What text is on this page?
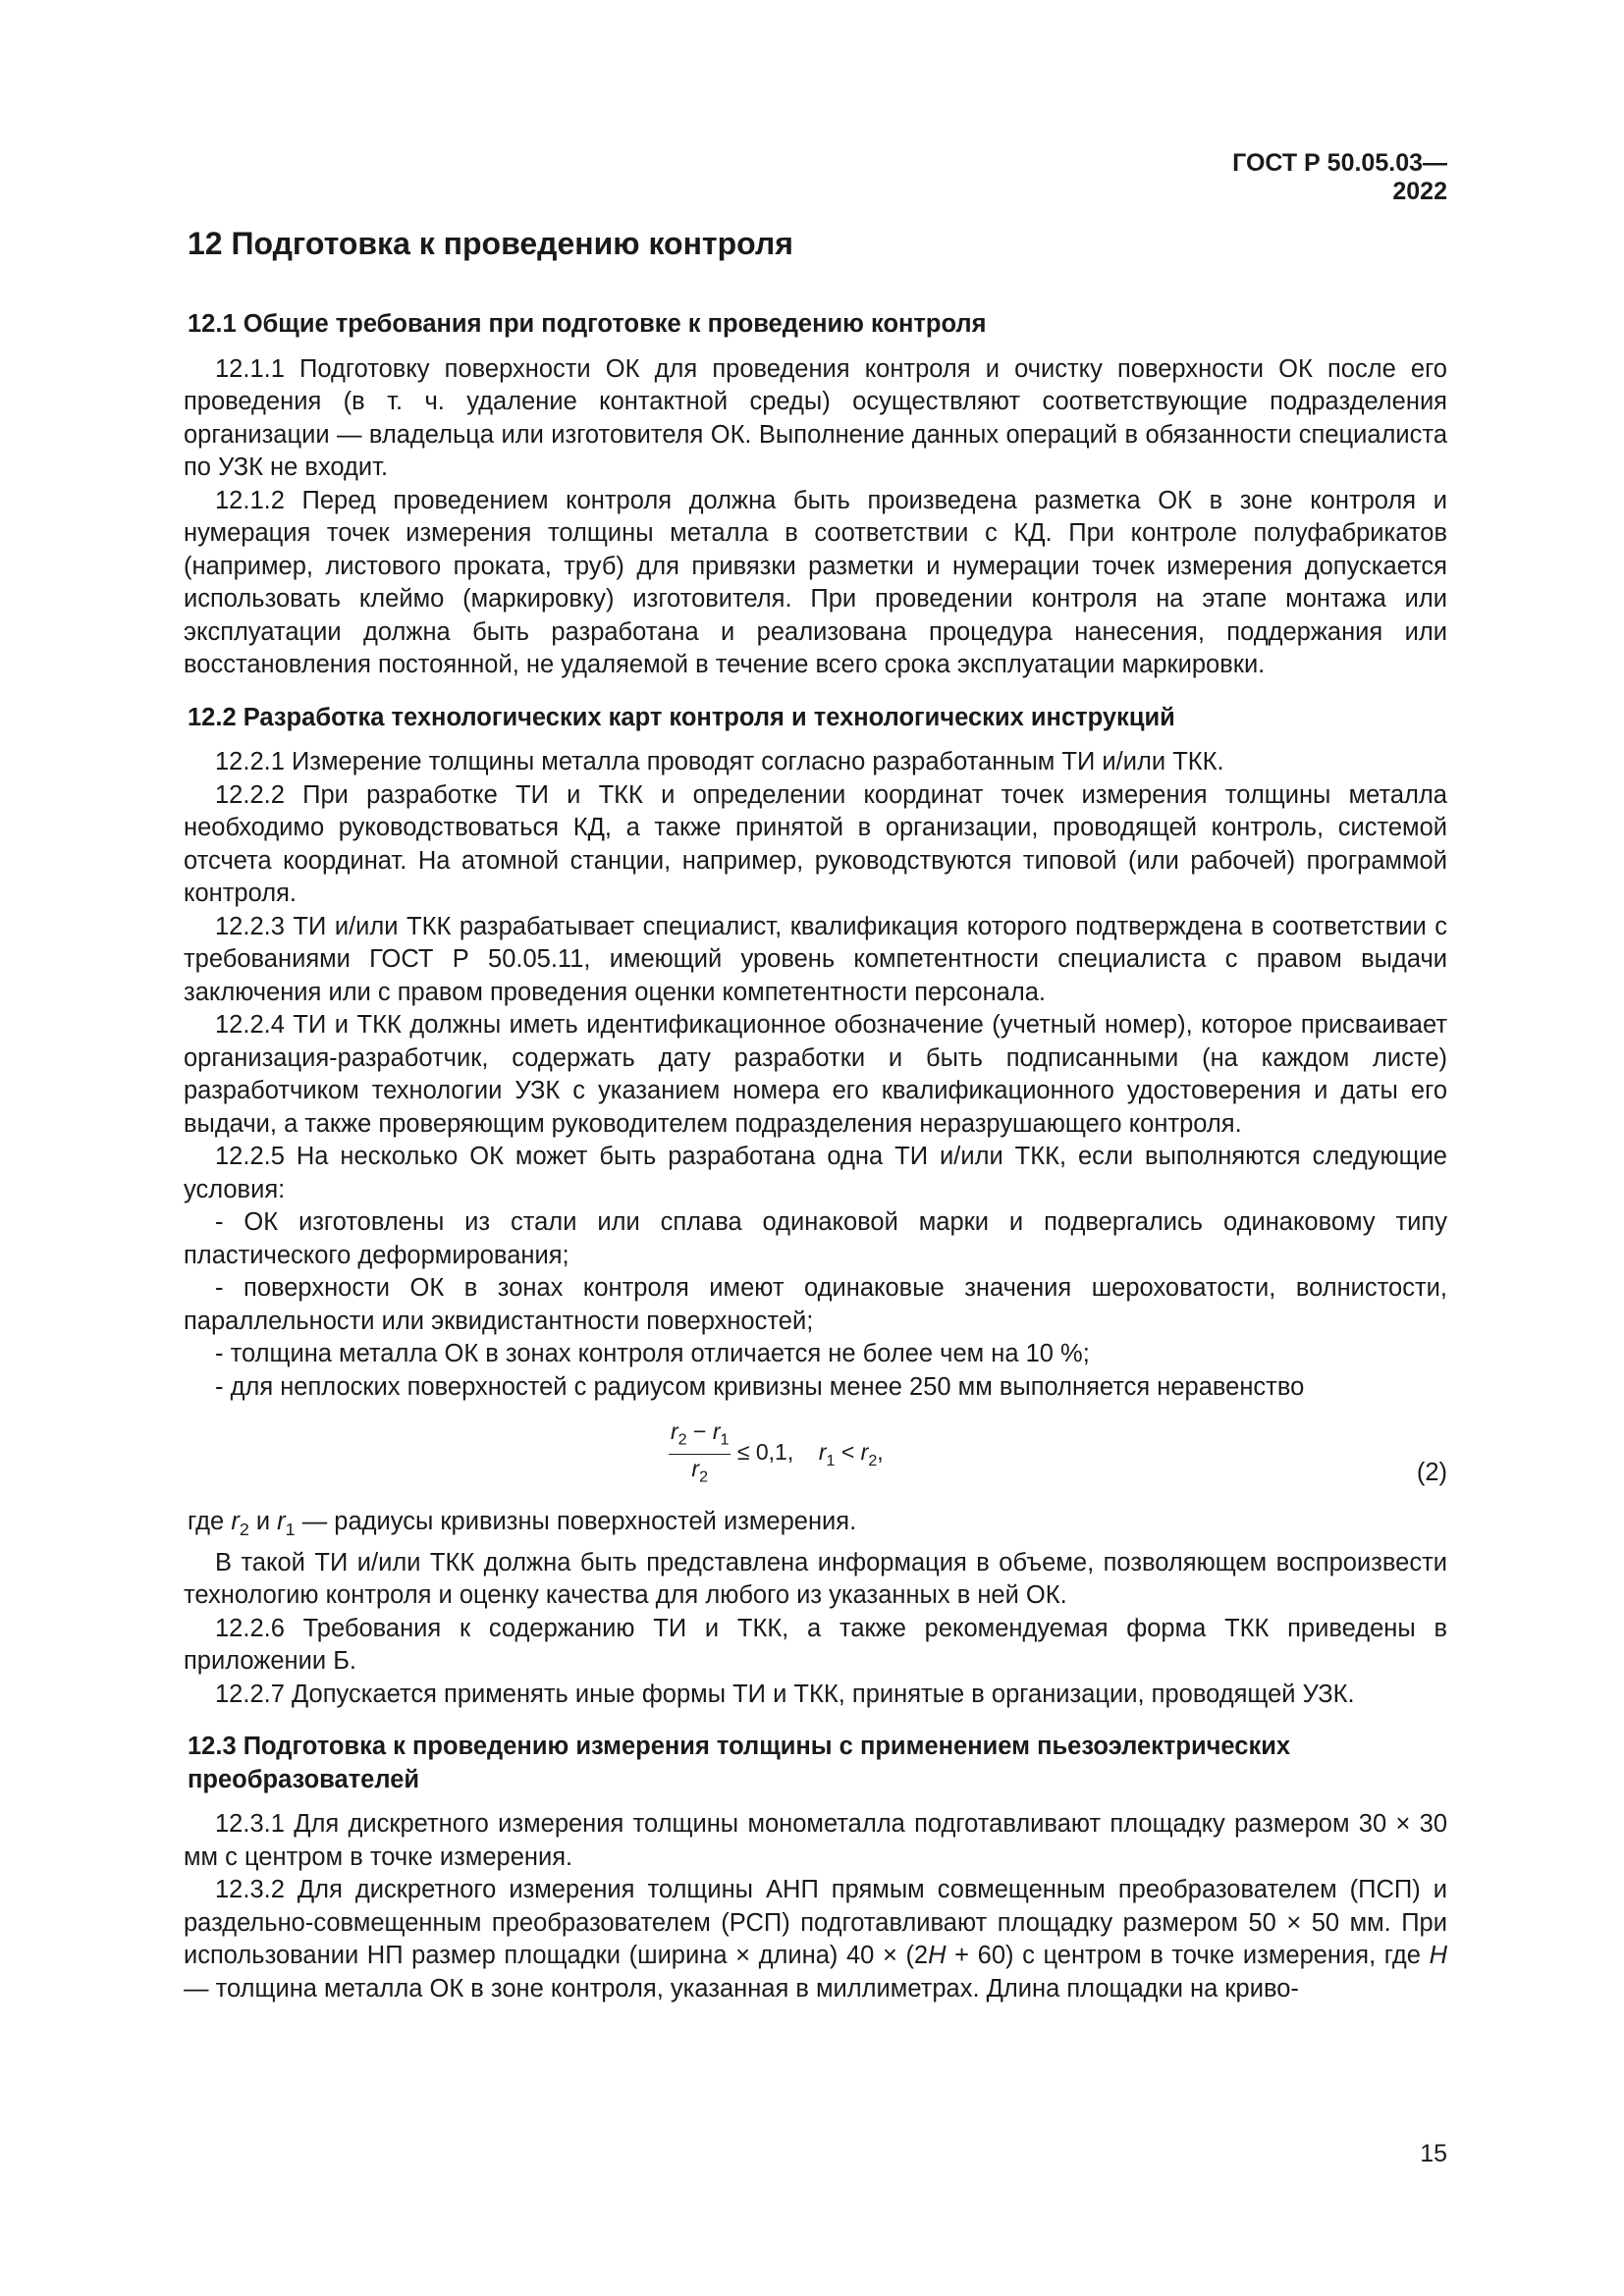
ГОСТ Р 50.05.03—2022
12 Подготовка к проведению контроля
12.1 Общие требования при подготовке к проведению контроля

12.1.1 Подготовку поверхности ОК для проведения контроля и очистку поверхности ОК после его проведения (в т. ч. удаление контактной среды) осуществляют соответствующие подразделения организации — владельца или изготовителя ОК. Выполнение данных операций в обязанности специалиста по УЗК не входит.

12.1.2 Перед проведением контроля должна быть произведена разметка ОК в зоне контроля и нумерация точек измерения толщины металла в соответствии с КД. При контроле полуфабрикатов (например, листового проката, труб) для привязки разметки и нумерации точек измерения допускается использовать клеймо (маркировку) изготовителя. При проведении контроля на этапе монтажа или эксплуатации должна быть разработана и реализована процедура нанесения, поддержания или восстановления постоянной, не удаляемой в течение всего срока эксплуатации маркировки.

12.2 Разработка технологических карт контроля и технологических инструкций

12.2.1 Измерение толщины металла проводят согласно разработанным ТИ и/или ТКК.

12.2.2 При разработке ТИ и ТКК и определении координат точек измерения толщины металла необходимо руководствоваться КД, а также принятой в организации, проводящей контроль, системой отсчета координат. На атомной станции, например, руководствуются типовой (или рабочей) программой контроля.

12.2.3 ТИ и/или ТКК разрабатывает специалист, квалификация которого подтверждена в соответствии с требованиями ГОСТ Р 50.05.11, имеющий уровень компетентности специалиста с правом выдачи заключения или с правом проведения оценки компетентности персонала.

12.2.4 ТИ и ТКК должны иметь идентификационное обозначение (учетный номер), которое присваивает организация-разработчик, содержать дату разработки и быть подписанными (на каждом листе) разработчиком технологии УЗК с указанием номера его квалификационного удостоверения и даты его выдачи, а также проверяющим руководителем подразделения неразрушающего контроля.

12.2.5 На несколько ОК может быть разработана одна ТИ и/или ТКК, если выполняются следующие условия:

- ОК изготовлены из стали или сплава одинаковой марки и подвергались одинаковому типу пластического деформирования;

- поверхности ОК в зонах контроля имеют одинаковые значения шероховатости, волнистости, параллельности или эквидистантности поверхностей;

- толщина металла ОК в зонах контроля отличается не более чем на 10 %;

- для неплоских поверхностей с радиусом кривизны менее 250 мм выполняется неравенство

$\frac{r_2 - r_1}{r_2} \le 0,1$, $r_1 < r_2$,
(2)

где $r_2$ и $r_1$ — радиусы кривизны поверхностей измерения.

В такой ТИ и/или ТКК должна быть представлена информация в объеме, позволяющем воспроизвести технологию контроля и оценку качества для любого из указанных в ней ОК.

12.2.6 Требования к содержанию ТИ и ТКК, а также рекомендуемая форма ТКК приведены в приложении Б.

12.2.7 Допускается применять иные формы ТИ и ТКК, принятые в организации, проводящей УЗК.

12.3 Подготовка к проведению измерения толщины с применением пьезоэлектрических преобразователей

12.3.1 Для дискретного измерения толщины монометалла подготавливают площадку размером 30 × 30 мм с центром в точке измерения.

12.3.2 Для дискретного измерения толщины АНП прямым совмещенным преобразователем (ПСП) и раздельно-совмещенным преобразователем (РСП) подготавливают площадку размером 50 × 50 мм. При использовании НП размер площадки (ширина × длина) 40 × (2H + 60) с центром в точке измерения, где H — толщина металла ОК в зоне контроля, указанная в миллиметрах. Длина площадки на криво-

15
